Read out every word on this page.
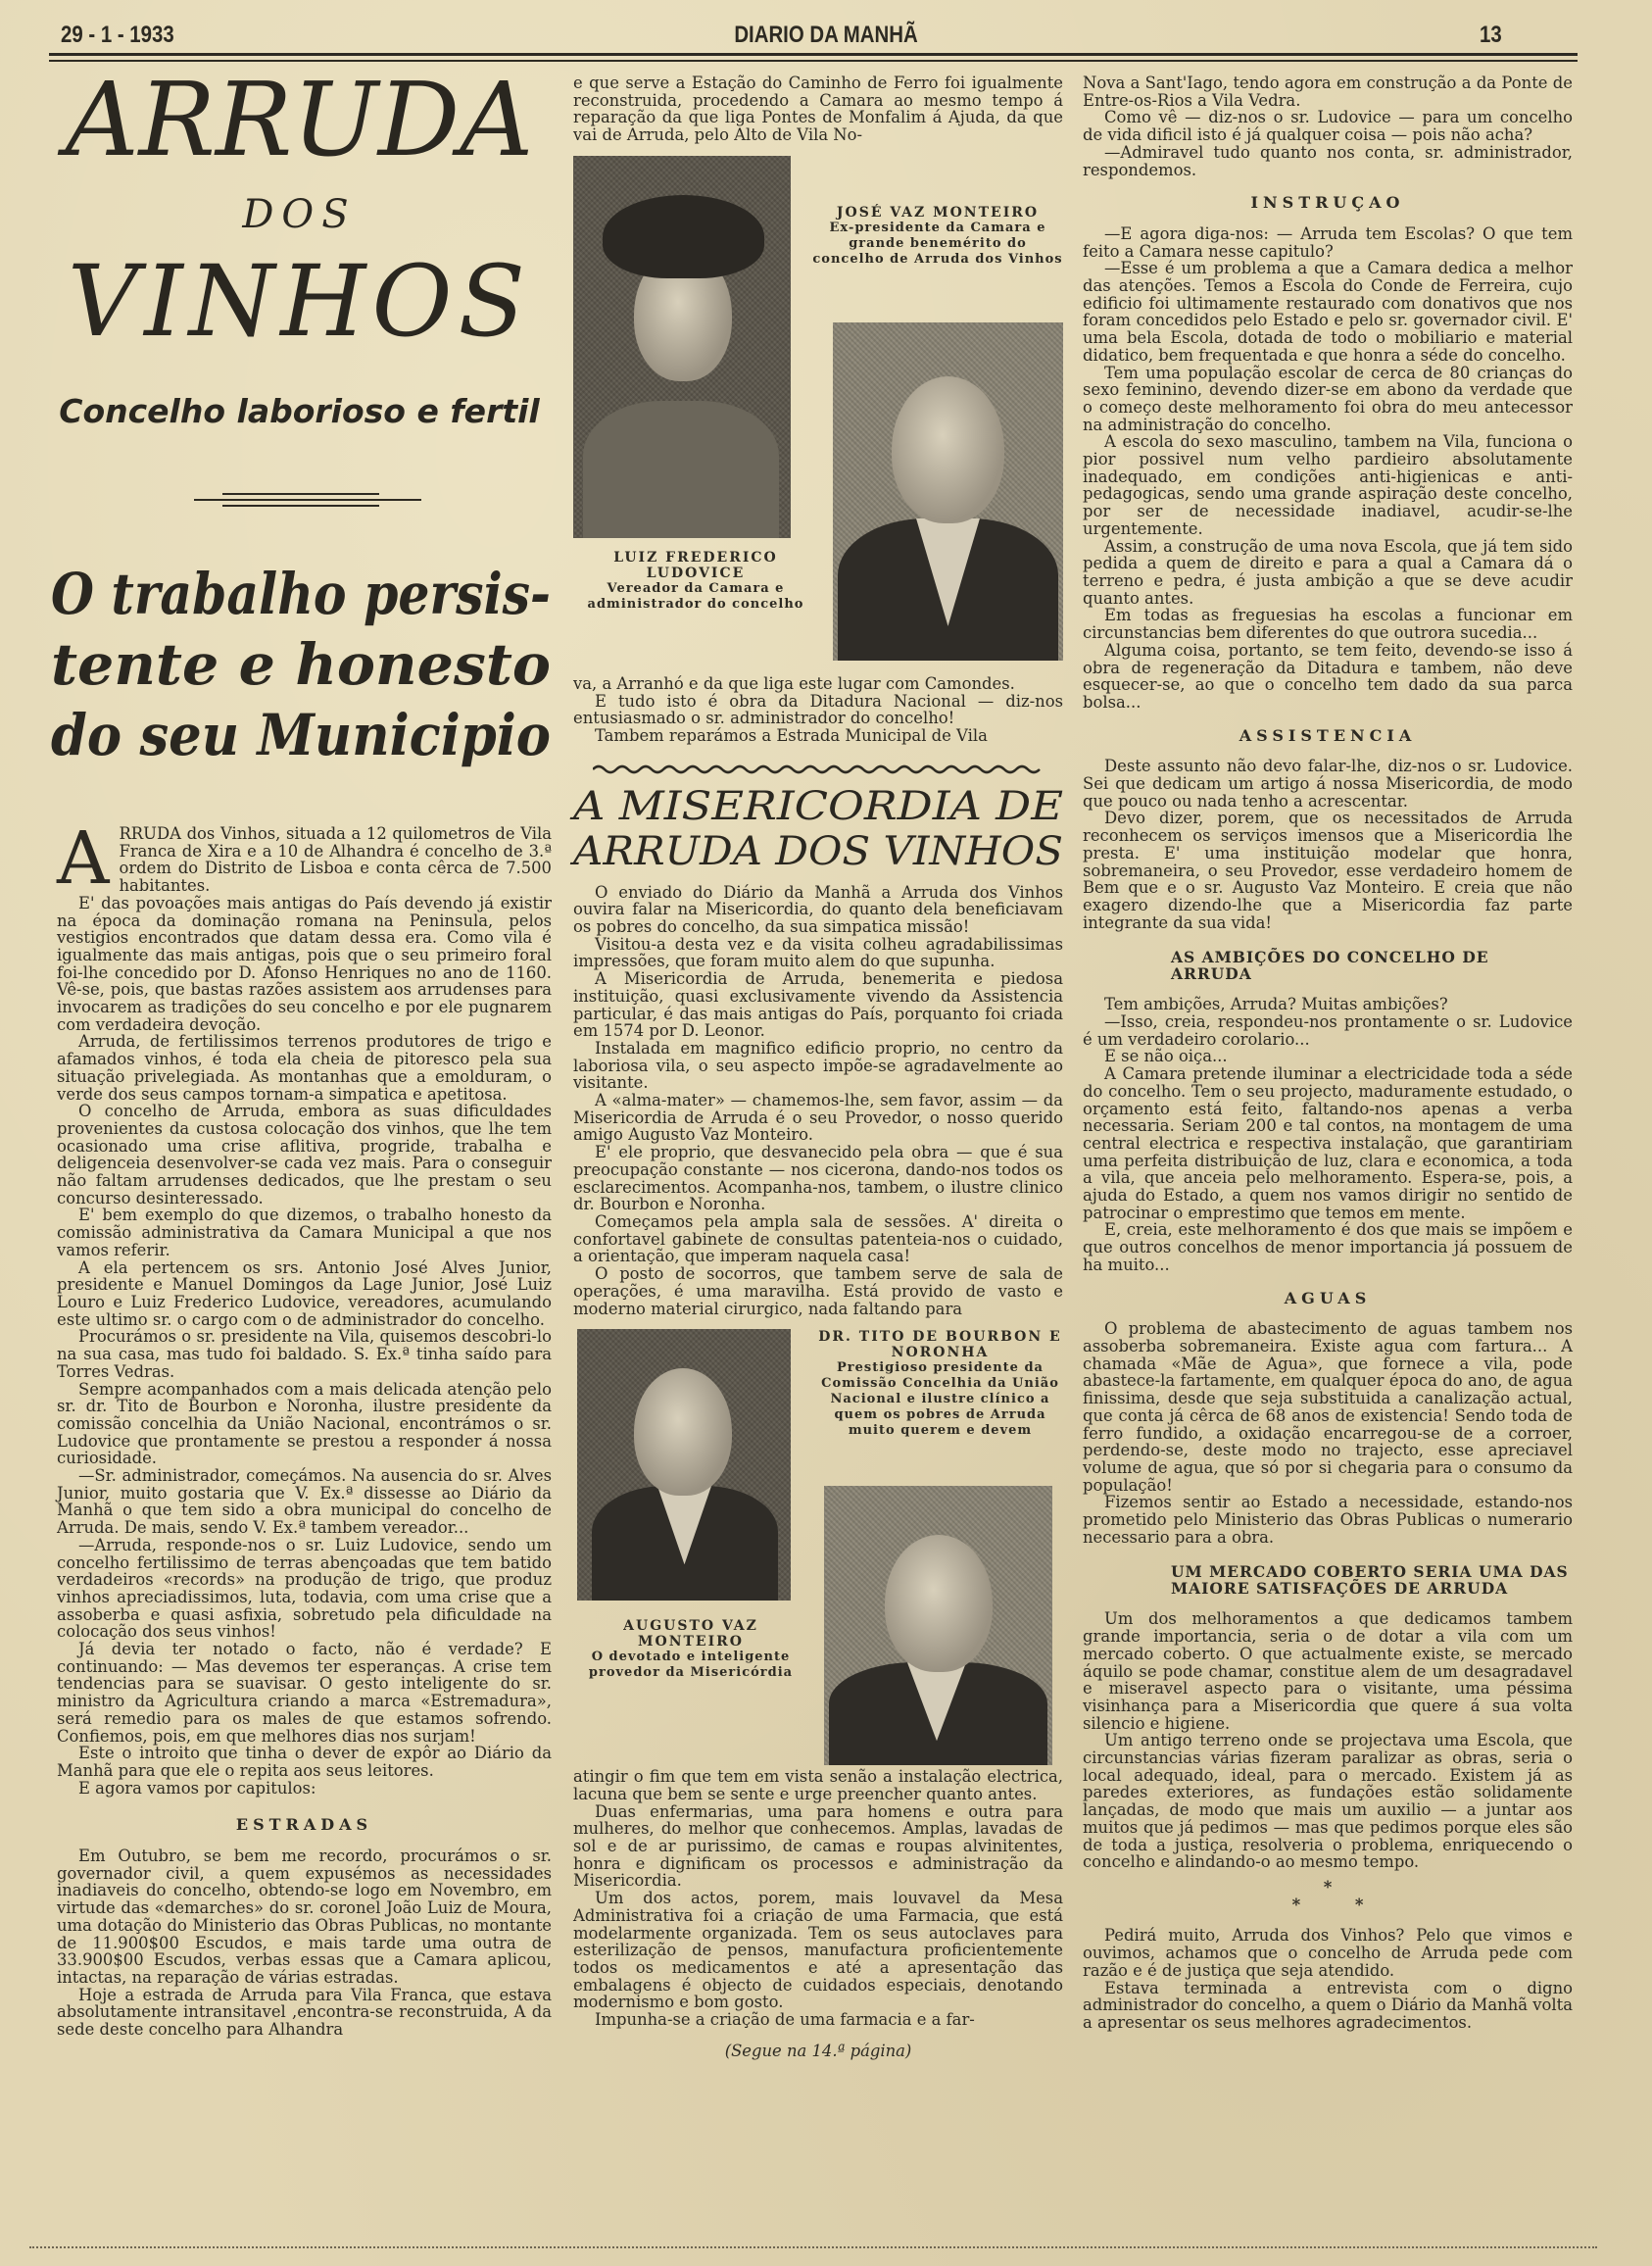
29 - 1 - 1933	DIARIO DA MANHÃ	13
ARRUDA
DOS
VINHOS
Concelho laborioso e fertil
O trabalho persis-
tente e honesto
do seu Municipio

ARRUDA dos Vinhos, situada a 12 quilometros de Vila Franca de Xira e a 10 de Alhandra é concelho de 3.ª ordem do Distrito de Lisboa e conta cêrca de 7.500 habitantes.

E' das povoações mais antigas do País devendo já existir na época da dominação romana na Peninsula, pelos vestigios encontrados que datam dessa era. Como vila é igualmente das mais antigas, pois que o seu primeiro foral foi-lhe concedido por D. Afonso Henriques no ano de 1160. Vê-se, pois, que bastas razões assistem aos arrudenses para invocarem as tradições do seu concelho e por ele pugnarem com verdadeira devoção.

Arruda, de fertilissimos terrenos produtores de trigo e afamados vinhos, é toda ela cheia de pitoresco pela sua situação privelegiada. As montanhas que a emolduram, o verde dos seus campos tornam-a simpatica e apetitosa.

O concelho de Arruda, embora as suas dificuldades provenientes da custosa colocação dos vinhos, que lhe tem ocasionado uma crise aflitiva, progride, trabalha e deligenceia desenvolver-se cada vez mais. Para o conseguir não faltam arrudenses dedicados, que lhe prestam o seu concurso desinteressado.

E' bem exemplo do que dizemos, o trabalho honesto da comissão administrativa da Camara Municipal a que nos vamos referir.

A ela pertencem os srs. Antonio José Alves Junior, presidente e Manuel Domingos da Lage Junior, José Luiz Louro e Luiz Frederico Ludovice, vereadores, acumulando este ultimo sr. o cargo com o de administrador do concelho.

Procurámos o sr. presidente na Vila, quisemos descobri-lo na sua casa, mas tudo foi baldado. S. Ex.ª tinha saído para Torres Vedras.

Sempre acompanhados com a mais delicada atenção pelo sr. dr. Tito de Bourbon e Noronha, ilustre presidente da comissão concelhia da União Nacional, encontrámos o sr. Ludovice que prontamente se prestou a responder á nossa curiosidade.

—Sr. administrador, começámos. Na ausencia do sr. Alves Junior, muito gostaria que V. Ex.ª dissesse ao Diário da Manhã o que tem sido a obra municipal do concelho de Arruda. De mais, sendo V. Ex.ª tambem vereador...

—Arruda, responde-nos o sr. Luiz Ludovice, sendo um concelho fertilissimo de terras abençoadas que tem batido verdadeiros «records» na produção de trigo, que produz vinhos apreciadissimos, luta, todavia, com uma crise que a assoberba e quasi asfixia, sobretudo pela dificuldade na colocação dos seus vinhos!

Já devia ter notado o facto, não é verdade? E continuando: — Mas devemos ter esperanças. A crise tem tendencias para se suavisar. O gesto inteligente do sr. ministro da Agricultura criando a marca «Estremadura», será remedio para os males de que estamos sofrendo. Confiemos, pois, em que melhores dias nos surjam!

Este o introito que tinha o dever de expôr ao Diário da Manhã para que ele o repita aos seus leitores.

E agora vamos por capitulos:

ESTRADAS

Em Outubro, se bem me recordo, procurámos o sr. governador civil, a quem expusémos as necessidades inadiaveis do concelho, obtendo-se logo em Novembro, em virtude das «demarches» do sr. coronel João Luiz de Moura, uma dotação do Ministerio das Obras Publicas, no montante de 11.900$00 Escudos, e mais tarde uma outra de 33.900$00 Escudos, verbas essas que a Camara aplicou, intactas, na reparação de várias estradas.

Hoje a estrada de Arruda para Vila Franca, que estava absolutamente intransitavel ,encontra-se reconstruida, A da sede deste concelho para Alhandra

e que serve a Estação do Caminho de Ferro foi igualmente reconstruida, procedendo a Camara ao mesmo tempo á reparação da que liga Pontes de Monfalim á Ajuda, da que vai de Arruda, pelo Alto de Vila No-

JOSÉ VAZ MONTEIRO
Ex-presidente da Camara e grande benemérito do concelho de Arruda dos Vinhos
LUIZ FREDERICO LUDOVICE
Vereador da Camara e administrador do concelho

va, a Arranhó e da que liga este lugar com Camondes.

E tudo isto é obra da Ditadura Nacional — diz-nos entusiasmado o sr. administrador do concelho!

Tambem reparámos a Estrada Municipal de Vila

A MISERICORDIA DE
ARRUDA DOS VINHOS

O enviado do Diário da Manhã a Arruda dos Vinhos ouvira falar na Misericordia, do quanto dela beneficiavam os pobres do concelho, da sua simpatica missão!

Visitou-a desta vez e da visita colheu agradabilissimas impressões, que foram muito alem do que supunha.

A Misericordia de Arruda, benemerita e piedosa instituição, quasi exclusivamente vivendo da Assistencia particular, é das mais antigas do País, porquanto foi criada em 1574 por D. Leonor.

Instalada em magnifico edificio proprio, no centro da laboriosa vila, o seu aspecto impõe-se agradavelmente ao visitante.

A «alma-mater» — chamemos-lhe, sem favor, assim — da Misericordia de Arruda é o seu Provedor, o nosso querido amigo Augusto Vaz Monteiro.

E' ele proprio, que desvanecido pela obra — que é sua preocupação constante — nos cicerona, dando-nos todos os esclarecimentos. Acompanha-nos, tambem, o ilustre clinico dr. Bourbon e Noronha.

Começamos pela ampla sala de sessões. A' direita o confortavel gabinete de consultas patenteia-nos o cuidado, a orientação, que imperam naquela casa!

O posto de socorros, que tambem serve de sala de operações, é uma maravilha. Está provido de vasto e moderno material cirurgico, nada faltando para

AUGUSTO VAZ MONTEIRO
O devotado e inteligente provedor da Misericórdia
DR. TITO DE BOURBON E NORONHA
Prestigioso presidente da Comissão Concelhia da União Nacional e ilustre clínico a quem os pobres de Arruda muito querem e devem

atingir o fim que tem em vista senão a instalação electrica, lacuna que bem se sente e urge preencher quanto antes.

Duas enfermarias, uma para homens e outra para mulheres, do melhor que conhecemos. Amplas, lavadas de sol e de ar purissimo, de camas e roupas alvinitentes, honra e dignificam os processos e administração da Misericordia.

Um dos actos, porem, mais louvavel da Mesa Administrativa foi a criação de uma Farmacia, que está modelarmente organizada. Tem os seus autoclaves para esterilização de pensos, manufactura proficientemente todos os medicamentos e até a apresentação das embalagens é objecto de cuidados especiais, denotando modernismo e bom gosto.

Impunha-se a criação de uma farmacia e a far-

(Segue na 14.ª página)

Nova a Sant'Iago, tendo agora em construção a da Ponte de Entre-os-Rios a Vila Vedra.

Como vê — diz-nos o sr. Ludovice — para um concelho de vida dificil isto é já qualquer coisa — pois não acha?

—Admiravel tudo quanto nos conta, sr. administrador, respondemos.

INSTRUÇAO

—E agora diga-nos: — Arruda tem Escolas? O que tem feito a Camara nesse capitulo?

—Esse é um problema a que a Camara dedica a melhor das atenções. Temos a Escola do Conde de Ferreira, cujo edificio foi ultimamente restaurado com donativos que nos foram concedidos pelo Estado e pelo sr. governador civil. E' uma bela Escola, dotada de todo o mobiliario e material didatico, bem frequentada e que honra a séde do concelho.

Tem uma população escolar de cerca de 80 crianças do sexo feminino, devendo dizer-se em abono da verdade que o começo deste melhoramento foi obra do meu antecessor na administração do concelho.

A escola do sexo masculino, tambem na Vila, funciona o pior possivel num velho pardieiro absolutamente inadequado, em condições anti-higienicas e anti-pedagogicas, sendo uma grande aspiração deste concelho, por ser de necessidade inadiavel, acudir-se-lhe urgentemente.

Assim, a construção de uma nova Escola, que já tem sido pedida a quem de direito e para a qual a Camara dá o terreno e pedra, é justa ambição a que se deve acudir quanto antes.

Em todas as freguesias ha escolas a funcionar em circunstancias bem diferentes do que outrora sucedia...

Alguma coisa, portanto, se tem feito, devendo-se isso á obra de regeneração da Ditadura e tambem, não deve esquecer-se, ao que o concelho tem dado da sua parca bolsa...

ASSISTENCIA

Deste assunto não devo falar-lhe, diz-nos o sr. Ludovice. Sei que dedicam um artigo á nossa Misericordia, de modo que pouco ou nada tenho a acrescentar.

Devo dizer, porem, que os necessitados de Arruda reconhecem os serviços imensos que a Misericordia lhe presta. E' uma instituição modelar que honra, sobremaneira, o seu Provedor, esse verdadeiro homem de Bem que e o sr. Augusto Vaz Monteiro. E creia que não exagero dizendo-lhe que a Misericordia faz parte integrante da sua vida!

AS AMBIÇÕES DO CONCELHO DE ARRUDA

Tem ambições, Arruda? Muitas ambições?

—Isso, creia, respondeu-nos prontamente o sr. Ludovice é um verdadeiro corolario...

E se não oiça...

A Camara pretende iluminar a electricidade toda a séde do concelho. Tem o seu projecto, maduramente estudado, o orçamento está feito, faltando-nos apenas a verba necessaria. Seriam 200 e tal contos, na montagem de uma central electrica e respectiva instalação, que garantiriam uma perfeita distribuição de luz, clara e economica, a toda a vila, que anceia pelo melhoramento. Espera-se, pois, a ajuda do Estado, a quem nos vamos dirigir no sentido de patrocinar o emprestimo que temos em mente.

E, creia, este melhoramento é dos que mais se impõem e que outros concelhos de menor importancia já possuem de ha muito...

AGUAS

O problema de abastecimento de aguas tambem nos assoberba sobremaneira. Existe agua com fartura... A chamada «Mãe de Agua», que fornece a vila, pode abastece-la fartamente, em qualquer época do ano, de agua finissima, desde que seja substituida a canalização actual, que conta já cêrca de 68 anos de existencia! Sendo toda de ferro fundido, a oxidação encarregou-se de a corroer, perdendo-se, deste modo no trajecto, esse apreciavel volume de agua, que só por si chegaria para o consumo da população!

Fizemos sentir ao Estado a necessidade, estando-nos prometido pelo Ministerio das Obras Publicas o numerario necessario para a obra.

UM MERCADO COBERTO SERIA UMA DAS MAIORE SATISFAÇÕES DE ARRUDA

Um dos melhoramentos a que dedicamos tambem grande importancia, seria o de dotar a vila com um mercado coberto. O que actualmente existe, se mercado áquilo se pode chamar, constitue alem de um desagradavel e miseravel aspecto para o visitante, uma péssima visinhança para a Misericordia que quere á sua volta silencio e higiene.

Um antigo terreno onde se projectava uma Escola, que circunstancias várias fizeram paralizar as obras, seria o local adequado, ideal, para o mercado. Existem já as paredes exteriores, as fundações estão solidamente lançadas, de modo que mais um auxilio — a juntar aos muitos que já pedimos — mas que pedimos porque eles são de toda a justiça, resolveria o problema, enriquecendo o concelho e alindando-o ao mesmo tempo.

*
*	*

Pedirá muito, Arruda dos Vinhos? Pelo que vimos e ouvimos, achamos que o concelho de Arruda pede com razão e é de justiça que seja atendido.

Estava terminada a entrevista com o digno administrador do concelho, a quem o Diário da Manhã volta a apresentar os seus melhores agradecimentos.
